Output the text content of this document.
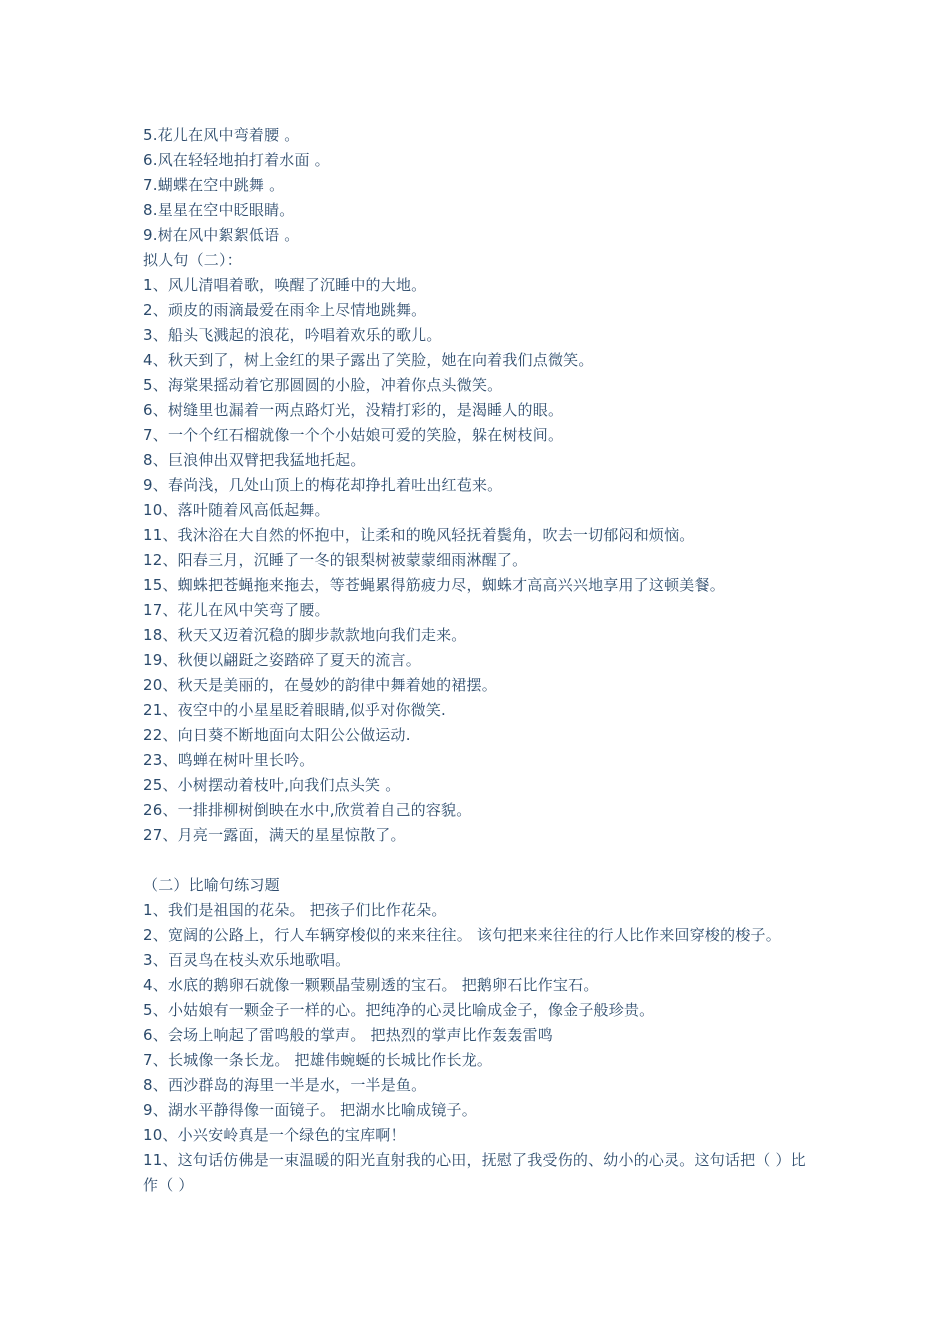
5.花儿在风中弯着腰 。
6.风在轻轻地拍打着水面 。
7.蝴蝶在空中跳舞 。
8.星星在空中眨眼睛。
9.树在风中絮絮低语 。
拟人句（二）：
1、风儿清唱着歌，唤醒了沉睡中的大地。
2、顽皮的雨滴最爱在雨伞上尽情地跳舞。
3、船头飞溅起的浪花，吟唱着欢乐的歌儿。
4、秋天到了，树上金红的果子露出了笑脸，她在向着我们点微笑。
5、海棠果摇动着它那圆圆的小脸，冲着你点头微笑。
6、树缝里也漏着一两点路灯光，没精打彩的，是渴睡人的眼。
7、一个个红石榴就像一个个小姑娘可爱的笑脸，躲在树枝间。
8、巨浪伸出双臂把我猛地托起。
9、春尚浅，几处山顶上的梅花却挣扎着吐出红苞来。
10、落叶随着风高低起舞。
11、我沐浴在大自然的怀抱中，让柔和的晚风轻抚着鬓角，吹去一切郁闷和烦恼。
12、阳春三月，沉睡了一冬的银梨树被蒙蒙细雨淋醒了。
15、蜘蛛把苍蝇拖来拖去，等苍蝇累得筋疲力尽，蜘蛛才高高兴兴地享用了这顿美餐。
17、花儿在风中笑弯了腰。
18、秋天又迈着沉稳的脚步款款地向我们走来。
19、秋便以翩跹之姿踏碎了夏天的流言。
20、秋天是美丽的，在曼妙的韵律中舞着她的裙摆。
21、夜空中的小星星眨着眼睛,似乎对你微笑.
22、向日葵不断地面向太阳公公做运动.
23、鸣蝉在树叶里长吟。
25、小树摆动着枝叶,向我们点头笑 。
26、一排排柳树倒映在水中,欣赏着自己的容貌。
27、月亮一露面，满天的星星惊散了。
（二）比喻句练习题
1、我们是祖国的花朵。 把孩子们比作花朵。
2、宽阔的公路上，行人车辆穿梭似的来来往往。 该句把来来往往的行人比作来回穿梭的梭子。
3、百灵鸟在枝头欢乐地歌唱。
4、水底的鹅卵石就像一颗颗晶莹剔透的宝石。 把鹅卵石比作宝石。
5、小姑娘有一颗金子一样的心。把纯净的心灵比喻成金子，像金子般珍贵。
6、会场上响起了雷鸣般的掌声。 把热烈的掌声比作轰轰雷鸣
7、长城像一条长龙。 把雄伟蜿蜒的长城比作长龙。
8、西沙群岛的海里一半是水，一半是鱼。
9、湖水平静得像一面镜子。 把湖水比喻成镜子。
10、小兴安岭真是一个绿色的宝库啊！
11、这句话仿佛是一束温暖的阳光直射我的心田，抚慰了我受伤的、幼小的心灵。这句话把（ ）比作（ ）
